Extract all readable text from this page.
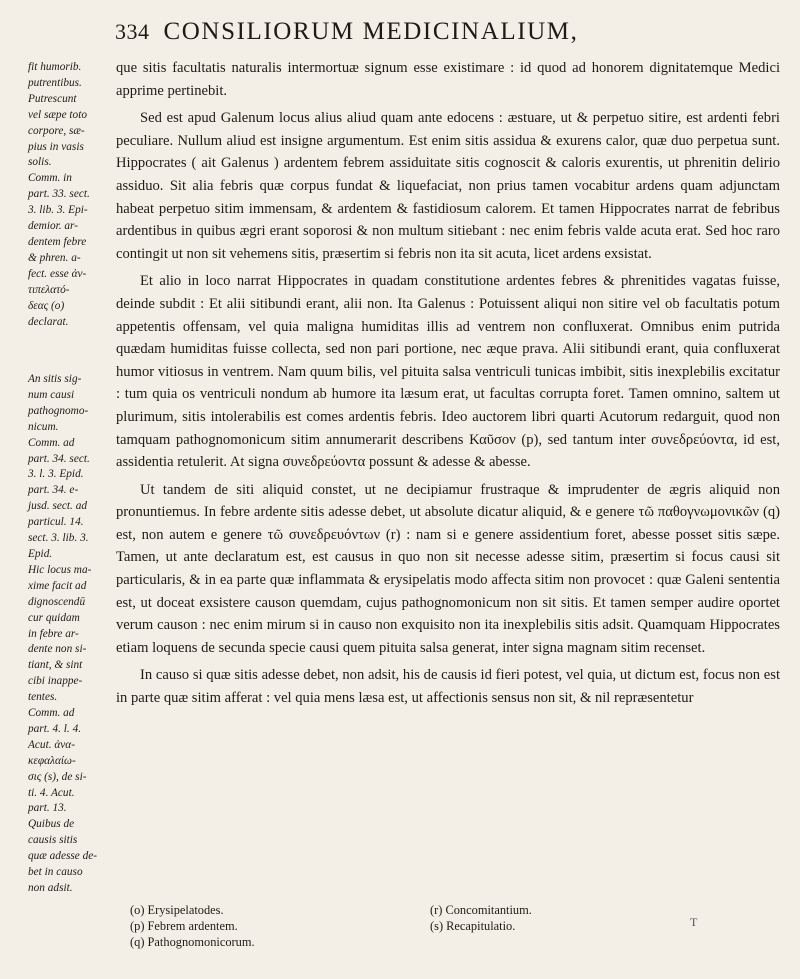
334 CONSILIORUM MEDICINALIUM,

fit humorib.

putrentibus.

Putrescunt

vel sæpe toto

corpore, sæ-

pius in vasis

solis.

Comm. in

part. 33. sect.

3. lib. 3. Epi-

demior. ar-

dentem febre

& phren. a-

fect. esse ἀν-

τιπελατό-

δεας (o)

declarat.

An sitis sig-

num causi

pathognomo-

nicum.

Comm. ad

part. 34. sect.

3. l. 3. Epid.

part. 34. e-

jusd. sect. ad

particul. 14.

sect. 3. lib. 3.

Epid.

Hic locus ma-

xime facit ad

dignoscendū

cur quidam

in febre ar-

dente non si-

tiant, & sint

cibi inappe-

tentes.

Comm. ad

part. 4. l. 4.

Acut. ἀνα-

κεφαλαίω-

σις (s), de si-

ti. 4. Acut.

part. 13.

Quibus de

causis sitis

quæ adesse de-

bet in causo

non adsit.

que sitis facultatis naturalis intermortuæ signum esse existimare : id quod ad honorem dignitatemque Medici apprime pertinebit.

Sed est apud Galenum locus alius aliud quam ante edocens : æstuare, ut & perpetuo sitire, est ardenti febri peculiare. Nullum aliud est insigne argumentum. Est enim sitis assidua & exurens calor, quæ duo perpetua sunt. Hippocrates ( ait Galenus ) ardentem febrem assiduitate sitis cognoscit & caloris exurentis, ut phrenitin delirio assiduo. Sit alia febris quæ corpus fundat & liquefaciat, non prius tamen vocabitur ardens quam adjunctam habeat perpetuo sitim immensam, & ardentem & fastidiosum calorem. Et tamen Hippocrates narrat de febribus ardentibus in quibus ægri erant soporosi & non multum sitiebant : nec enim febris valde acuta erat. Sed hoc raro contingit ut non sit vehemens sitis, præsertim si febris non ita sit acuta, licet ardens exsistat.

Et alio in loco narrat Hippocrates in quadam constitutione ardentes febres & phrenitides vagatas fuisse, deinde subdit : Et alii sitibundi erant, alii non. Ita Galenus : Potuissent aliqui non sitire vel ob facultatis potum appetentis offensam, vel quia maligna humiditas illis ad ventrem non confluxerat. Omnibus enim putrida quædam humiditas fuisse collecta, sed non pari portione, nec æque prava. Alii sitibundi erant, quia confluxerat humor vitiosus in ventrem. Nam quum bilis, vel pituita salsa ventriculi tunicas imbibit, sitis inexplebilis excitatur : tum quia os ventriculi nondum ab humore ita læsum erat, ut facultas corrupta foret. Tamen omnino, saltem ut plurimum, sitis intolerabilis est comes ardentis febris. Ideo auctorem libri quarti Acutorum redarguit, quod non tamquam pathognomonicum sitim annumerarit describens Καῦσον (p), sed tantum inter συνεδρεύοντα, id est, assidentia retulerit. At signa συνεδρεύοντα possunt & adesse & abesse.

Ut tandem de siti aliquid constet, ut ne decipiamur frustraque & imprudenter de ægris aliquid non pronuntiemus. In febre ardente sitis adesse debet, ut absolute dicatur aliquid, & e genere τῶ παθογνωμονικῶν (q) est, non autem e genere τῶ συνεδρευόντων (r) : nam si e genere assidentium foret, abesse posset sitis sæpe. Tamen, ut ante declaratum est, est causus in quo non sit necesse adesse sitim, præsertim si focus causi sit particularis, & in ea parte quæ inflammata & erysipelatis modo affecta sitim non provocet : quæ Galeni sententia est, ut doceat exsistere causon quemdam, cujus pathognomonicum non sit sitis. Et tamen semper audire oportet verum causon : nec enim mirum si in causo non exquisito non ita inexplebilis sitis adsit. Quamquam Hippocrates etiam loquens de secunda specie causi quem pituita salsa generat, inter signa magnam sitim recenset.

In causo si quæ sitis adesse debet, non adsit, his de causis id fieri potest, vel quia, ut dictum est, focus non est in parte quæ sitim afferat : vel quia mens læsa est, ut affectionis sensus non sit, & nil repræsentetur

(o) Erysipelatodes.	(r) Concomitantium.
(p) Febrem ardentem.	(s) Recapitulatio.
(q) Pathognomonicorum.
T
